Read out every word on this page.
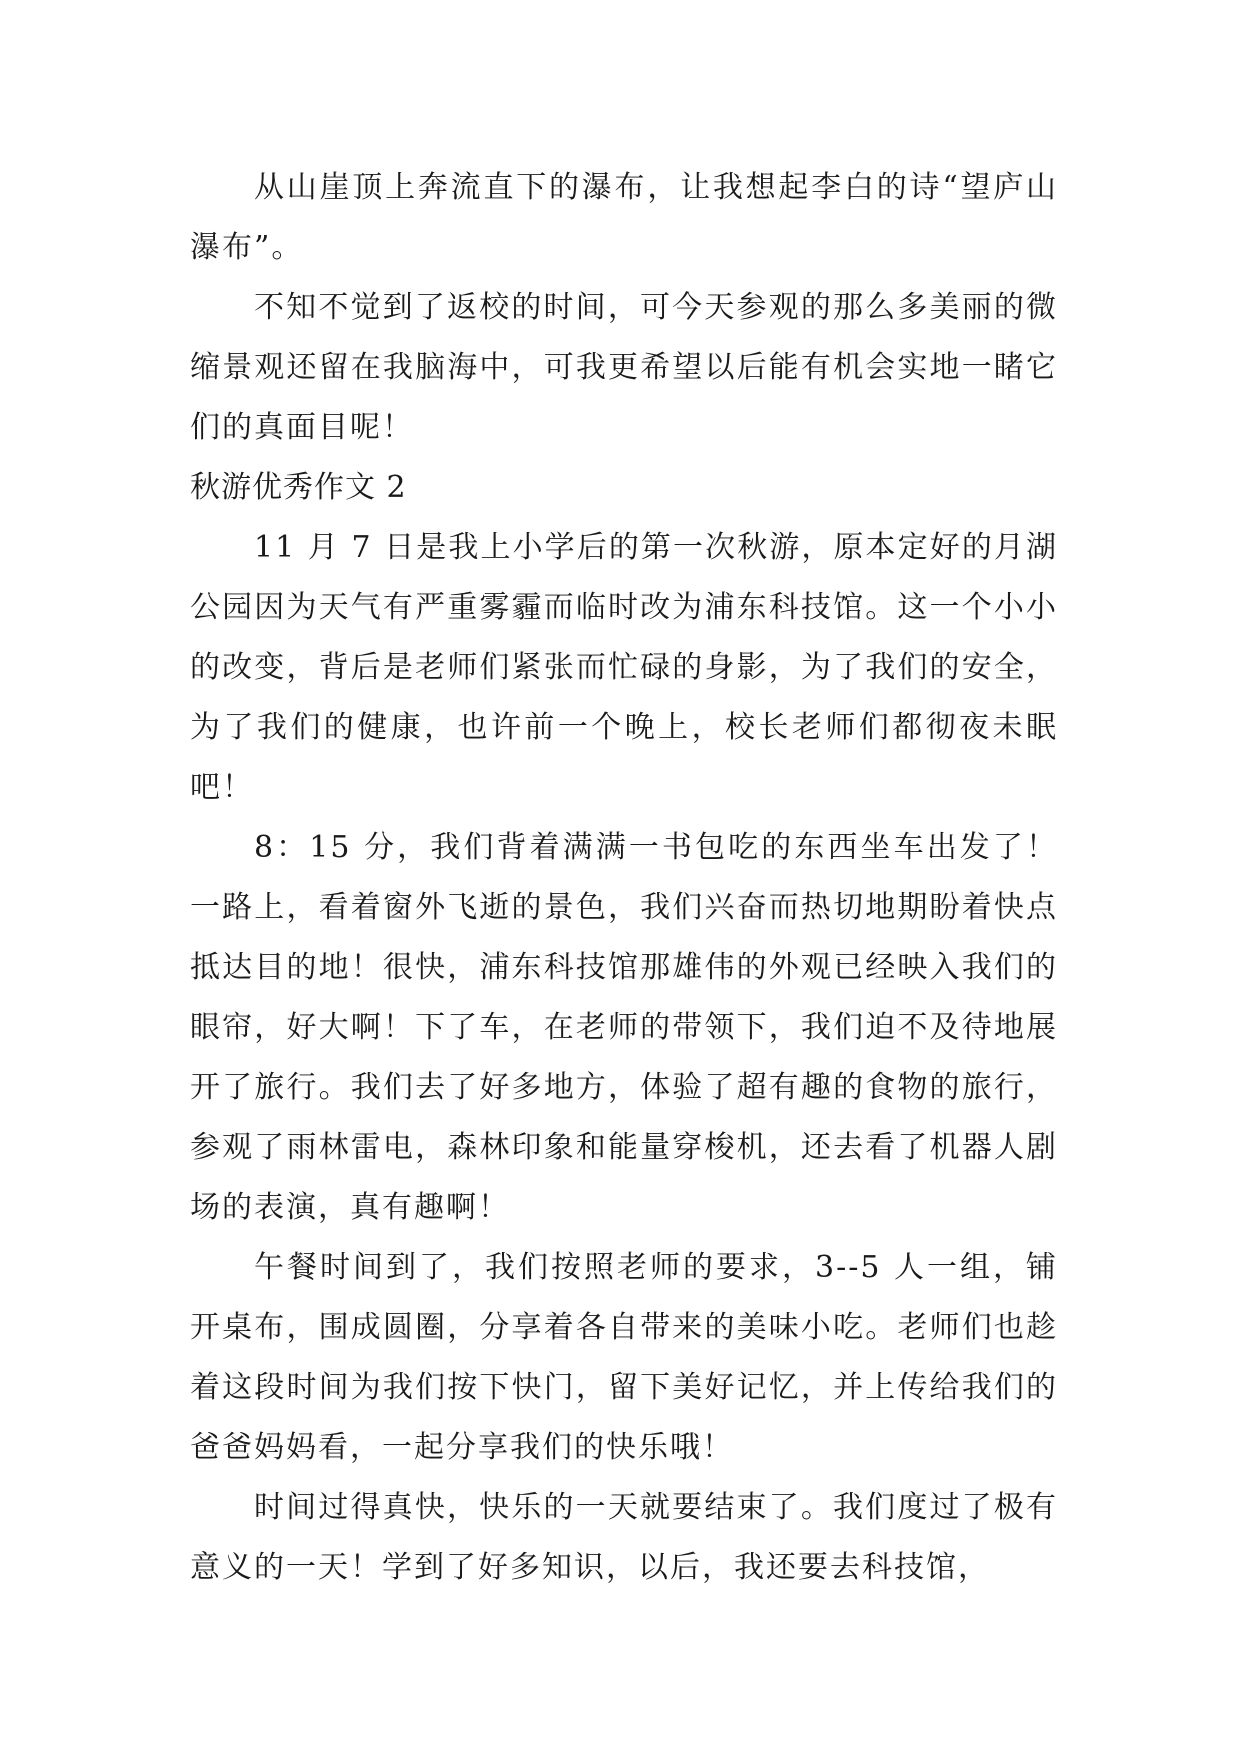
从山崖顶上奔流直下的瀑布，让我想起李白的诗“望庐山瀑布”。

不知不觉到了返校的时间，可今天参观的那么多美丽的微缩景观还留在我脑海中，可我更希望以后能有机会实地一睹它们的真面目呢！

秋游优秀作文 2

11 月 7 日是我上小学后的第一次秋游，原本定好的月湖公园因为天气有严重雾霾而临时改为浦东科技馆。这一个小小的改变，背后是老师们紧张而忙碌的身影，为了我们的安全，为了我们的健康，也许前一个晚上，校长老师们都彻夜未眠吧！

8：15 分，我们背着满满一书包吃的东西坐车出发了！一路上，看着窗外飞逝的景色，我们兴奋而热切地期盼着快点抵达目的地！很快，浦东科技馆那雄伟的外观已经映入我们的眼帘，好大啊！下了车，在老师的带领下，我们迫不及待地展开了旅行。我们去了好多地方，体验了超有趣的食物的旅行，参观了雨林雷电，森林印象和能量穿梭机，还去看了机器人剧场的表演，真有趣啊！

午餐时间到了，我们按照老师的要求，3--5 人一组，铺开桌布，围成圆圈，分享着各自带来的美味小吃。老师们也趁着这段时间为我们按下快门，留下美好记忆，并上传给我们的爸爸妈妈看，一起分享我们的快乐哦！

时间过得真快，快乐的一天就要结束了。我们度过了极有意义的一天！学到了好多知识，以后，我还要去科技馆，
